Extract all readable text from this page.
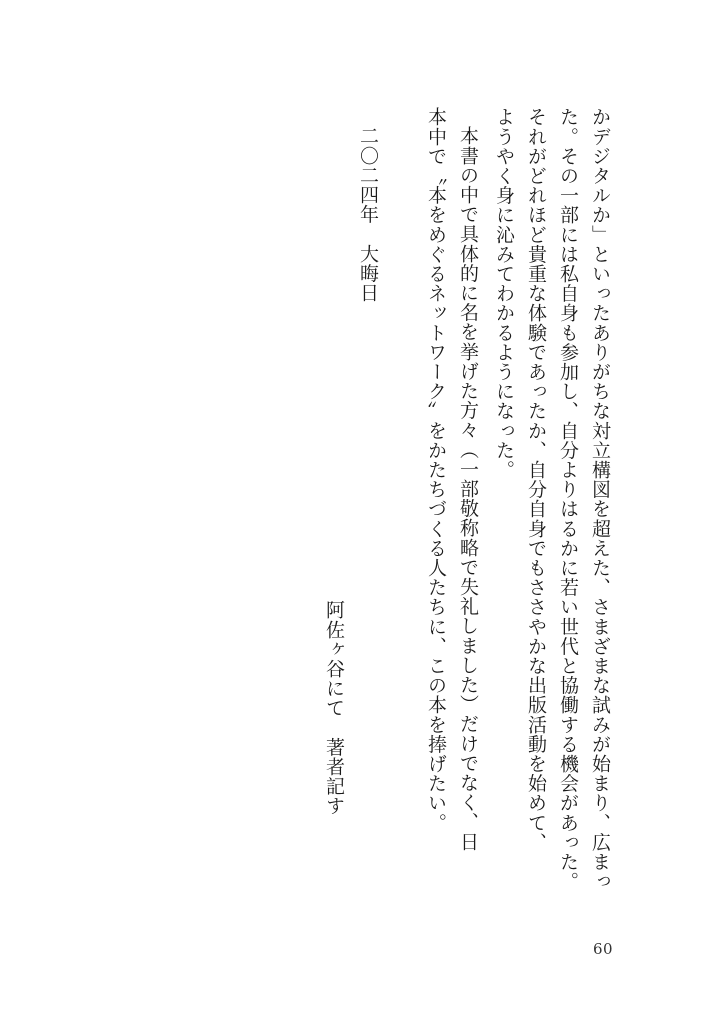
かデジタルか」といったありがちな対立構図を超えた、さまざまな試みが始まり、広まっ
た。その一部には私自身も参加し、自分よりはるかに若い世代と協働する機会があった。
それがどれほど貴重な体験であったか、自分自身でもささやかな出版活動を始めて、
ようやく身に沁みてわかるようになった。
本書の中で具体的に名を挙げた方々（一部敬称略で失礼しました）だけでなく、日
本中で〝本をめぐるネットワーク〟をかたちづくる人たちに、この本を捧げたい。
阿佐ヶ谷にて　著者記す
二〇二四年　大晦日
60
